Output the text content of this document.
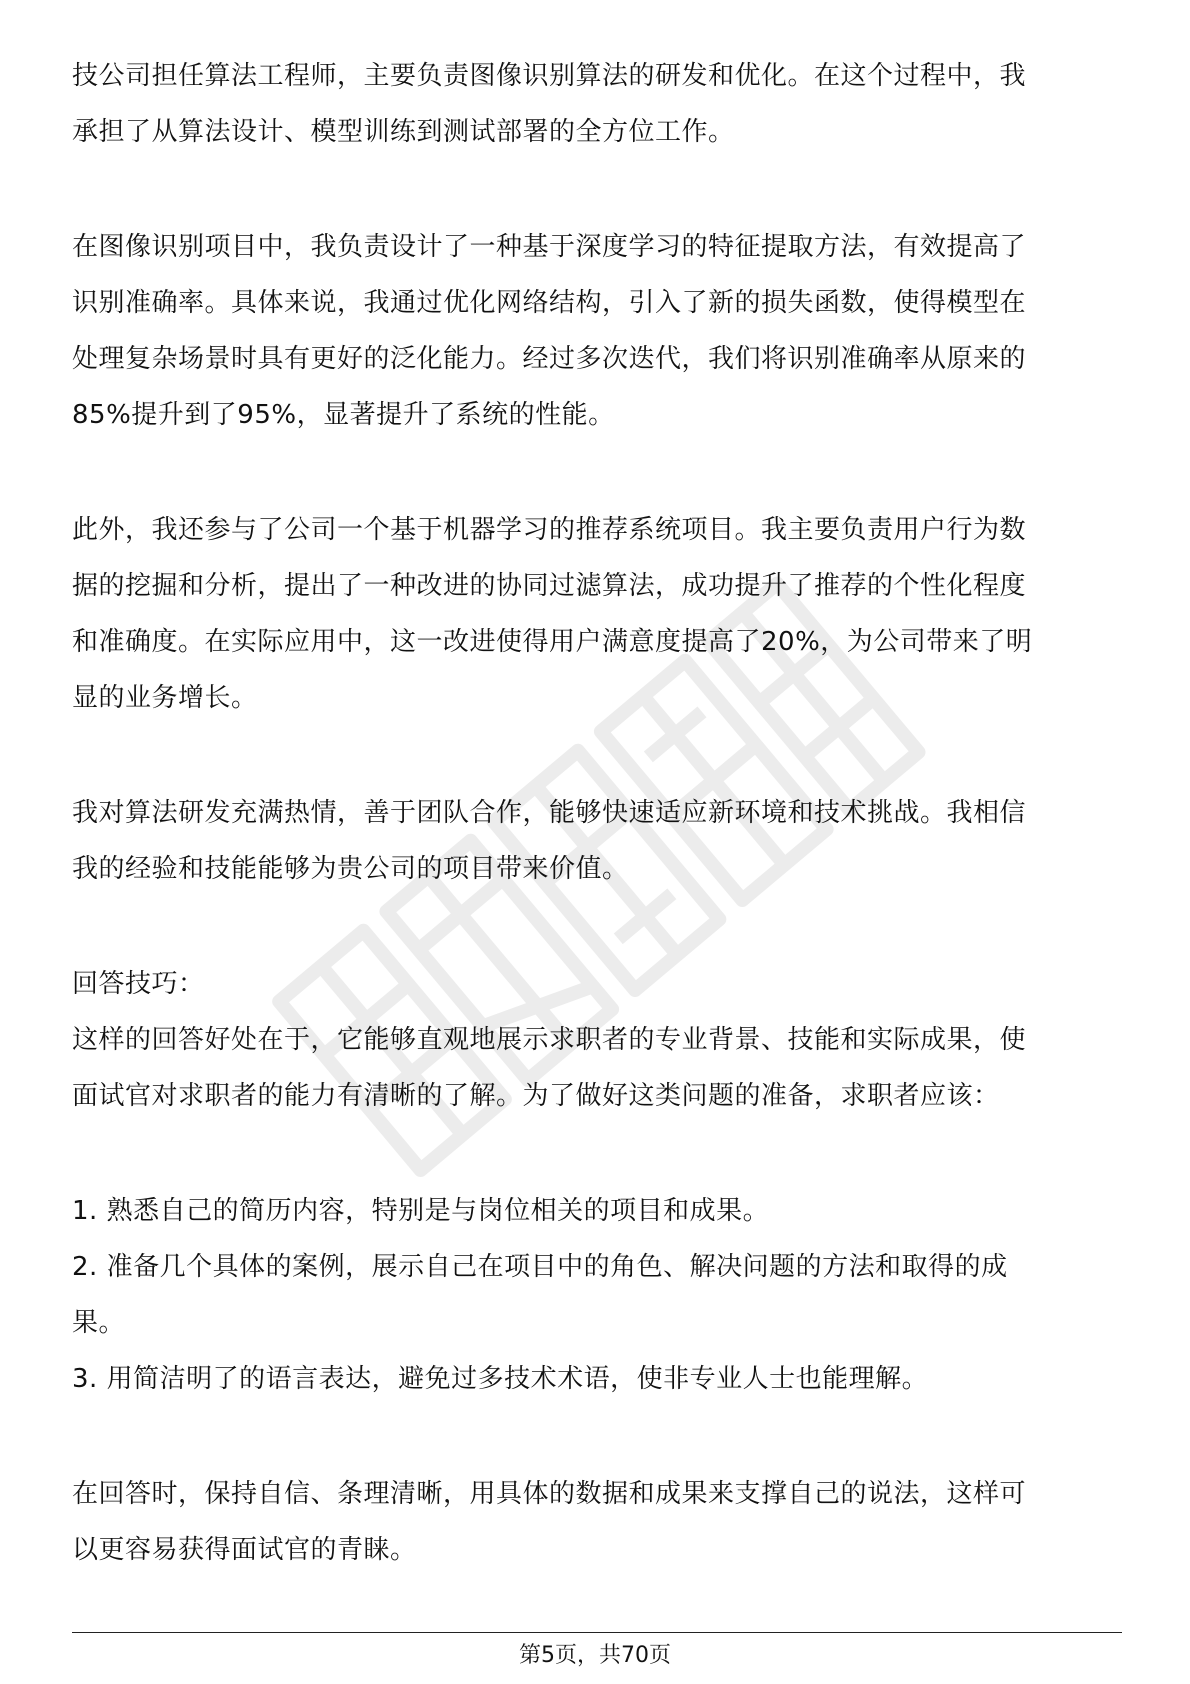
技公司担任算法工程师，主要负责图像识别算法的研发和优化。在这个过程中，我
承担了从算法设计、模型训练到测试部署的全方位工作。
在图像识别项目中，我负责设计了一种基于深度学习的特征提取方法，有效提高了
识别准确率。具体来说，我通过优化网络结构，引入了新的损失函数，使得模型在
处理复杂场景时具有更好的泛化能力。经过多次迭代，我们将识别准确率从原来的
85%提升到了95%，显著提升了系统的性能。
此外，我还参与了公司一个基于机器学习的推荐系统项目。我主要负责用户行为数
据的挖掘和分析，提出了一种改进的协同过滤算法，成功提升了推荐的个性化程度
和准确度。在实际应用中，这一改进使得用户满意度提高了20%，为公司带来了明
显的业务增长。
我对算法研发充满热情，善于团队合作，能够快速适应新环境和技术挑战。我相信
我的经验和技能能够为贵公司的项目带来价值。
回答技巧：
这样的回答好处在于，它能够直观地展示求职者的专业背景、技能和实际成果，使
面试官对求职者的能力有清晰的了解。为了做好这类问题的准备，求职者应该：
1. 熟悉自己的简历内容，特别是与岗位相关的项目和成果。
2. 准备几个具体的案例，展示自己在项目中的角色、解决问题的方法和取得的成
果。
3. 用简洁明了的语言表达，避免过多技术术语，使非专业人士也能理解。
在回答时，保持自信、条理清晰，用具体的数据和成果来支撑自己的说法，这样可
以更容易获得面试官的青睐。
第5页，共70页
